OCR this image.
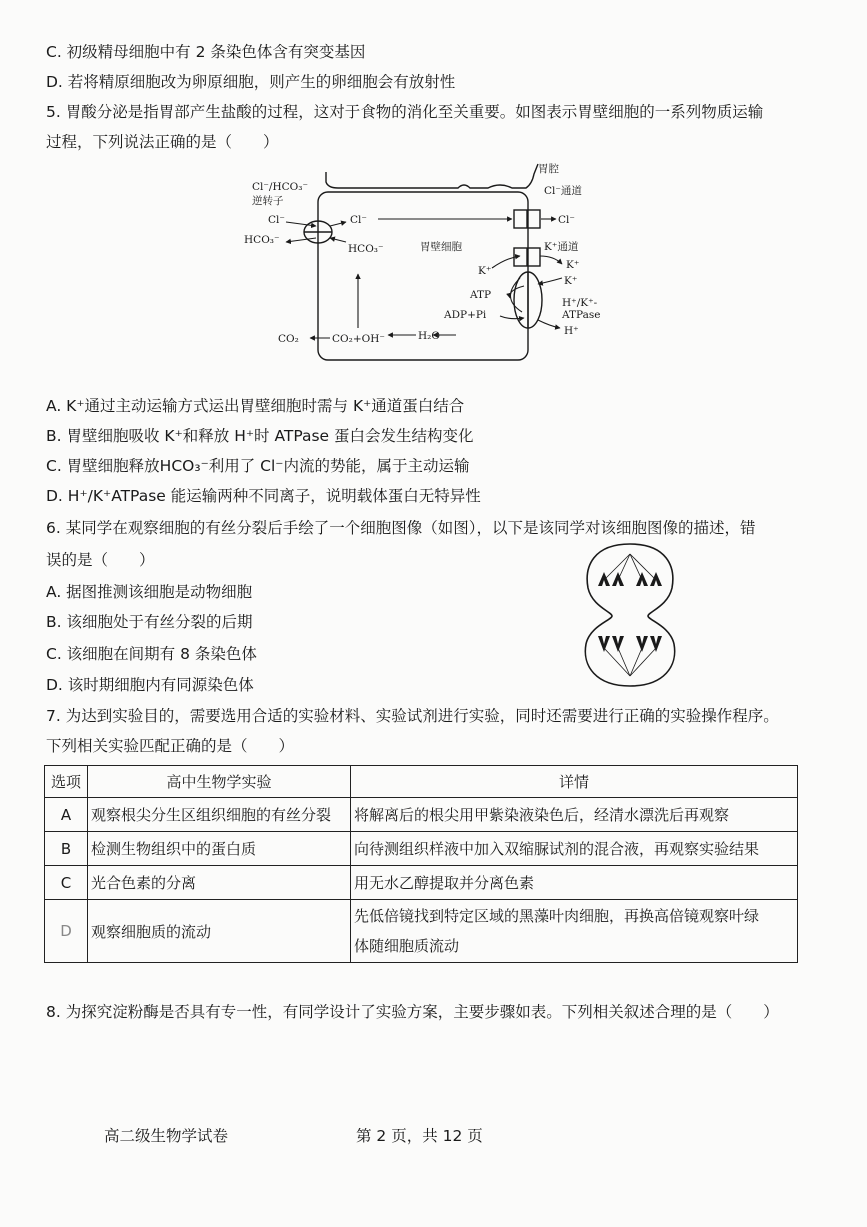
C. 初级精母细胞中有 2 条染色体含有突变基因
D. 若将精原细胞改为卵原细胞，则产生的卵细胞会有放射性
5. 胃酸分泌是指胃部产生盐酸的过程，这对于食物的消化至关重要。如图表示胃壁细胞的一系列物质运输
过程，下列说法正确的是（　　）
胃腔
Cl⁻/HCO₃⁻
逆转子
Cl⁻
HCO₃⁻
Cl⁻
Cl⁻通道
Cl⁻
HCO₃⁻	胃壁细胞	K⁺通道
K⁺	K⁺
K⁺
ATP
ADP+Pi
H⁺/K⁺-
ATPase
H⁺
CO₂	CO₂+OH⁻	H₂O
A. K⁺通过主动运输方式运出胃壁细胞时需与 K⁺通道蛋白结合
B. 胃壁细胞吸收 K⁺和释放 H⁺时 ATPase 蛋白会发生结构变化
C. 胃壁细胞释放HCO₃⁻利用了 Cl⁻内流的势能，属于主动运输
D. H⁺/K⁺ATPase 能运输两种不同离子，说明载体蛋白无特异性
6. 某同学在观察细胞的有丝分裂后手绘了一个细胞图像（如图），以下是该同学对该细胞图像的描述，错
误的是（　　）
A. 据图推测该细胞是动物细胞
B. 该细胞处于有丝分裂的后期
C. 该细胞在间期有 8 条染色体
D. 该时期细胞内有同源染色体
7. 为达到实验目的，需要选用合适的实验材料、实验试剂进行实验，同时还需要进行正确的实验操作程序。
下列相关实验匹配正确的是（　　）
选项	高中生物学实验	详情
A	观察根尖分生区组织细胞的有丝分裂	将解离后的根尖用甲紫染液染色后，经清水漂洗后再观察
B	检测生物组织中的蛋白质	向待测组织样液中加入双缩脲试剂的混合液，再观察实验结果
C	光合色素的分离	用无水乙醇提取并分离色素
D	观察细胞质的流动	先低倍镜找到特定区域的黑藻叶肉细胞，再换高倍镜观察叶绿
体随细胞质流动
8. 为探究淀粉酶是否具有专一性，有同学设计了实验方案，主要步骤如表。下列相关叙述合理的是（　　）
高二级生物学试卷	第 2 页，共 12 页
